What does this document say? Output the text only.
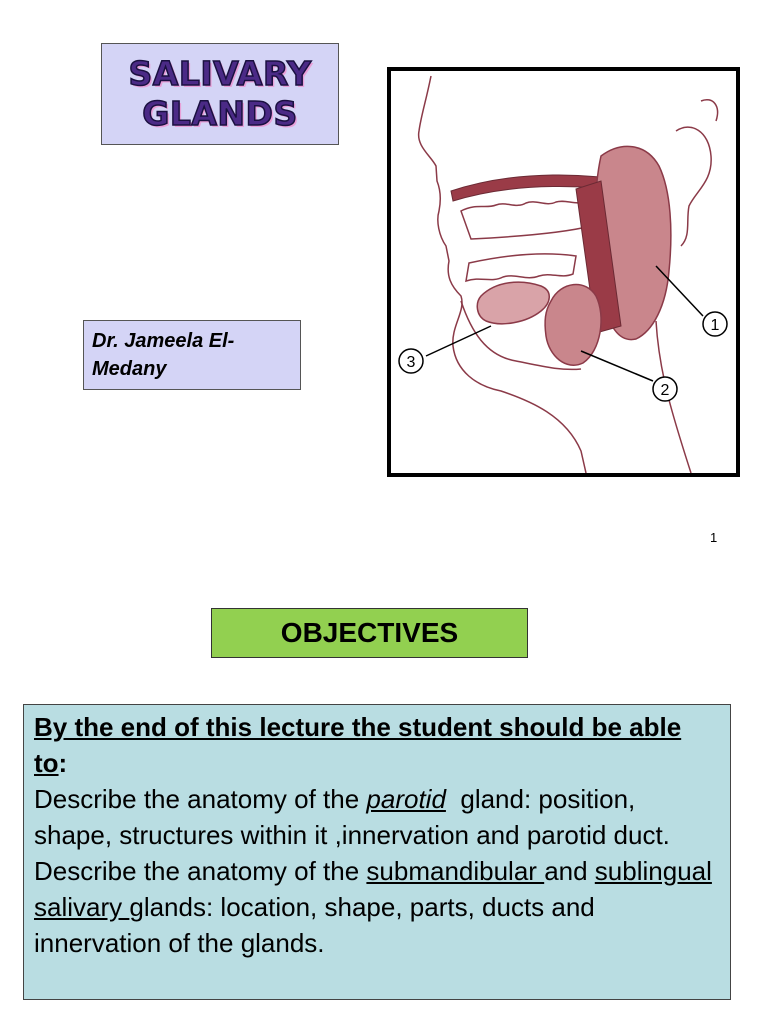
SALIVARY
GLANDS
Dr. Jameela El-Medany
1
2
3
1
OBJECTIVES

By the end of this lecture the student should be able to:

Describe the anatomy of the parotid  gland: position, shape, structures within it ,innervation and parotid duct.

Describe the anatomy of the submandibular and sublingual salivary glands: location, shape, parts, ducts and innervation of the glands.
